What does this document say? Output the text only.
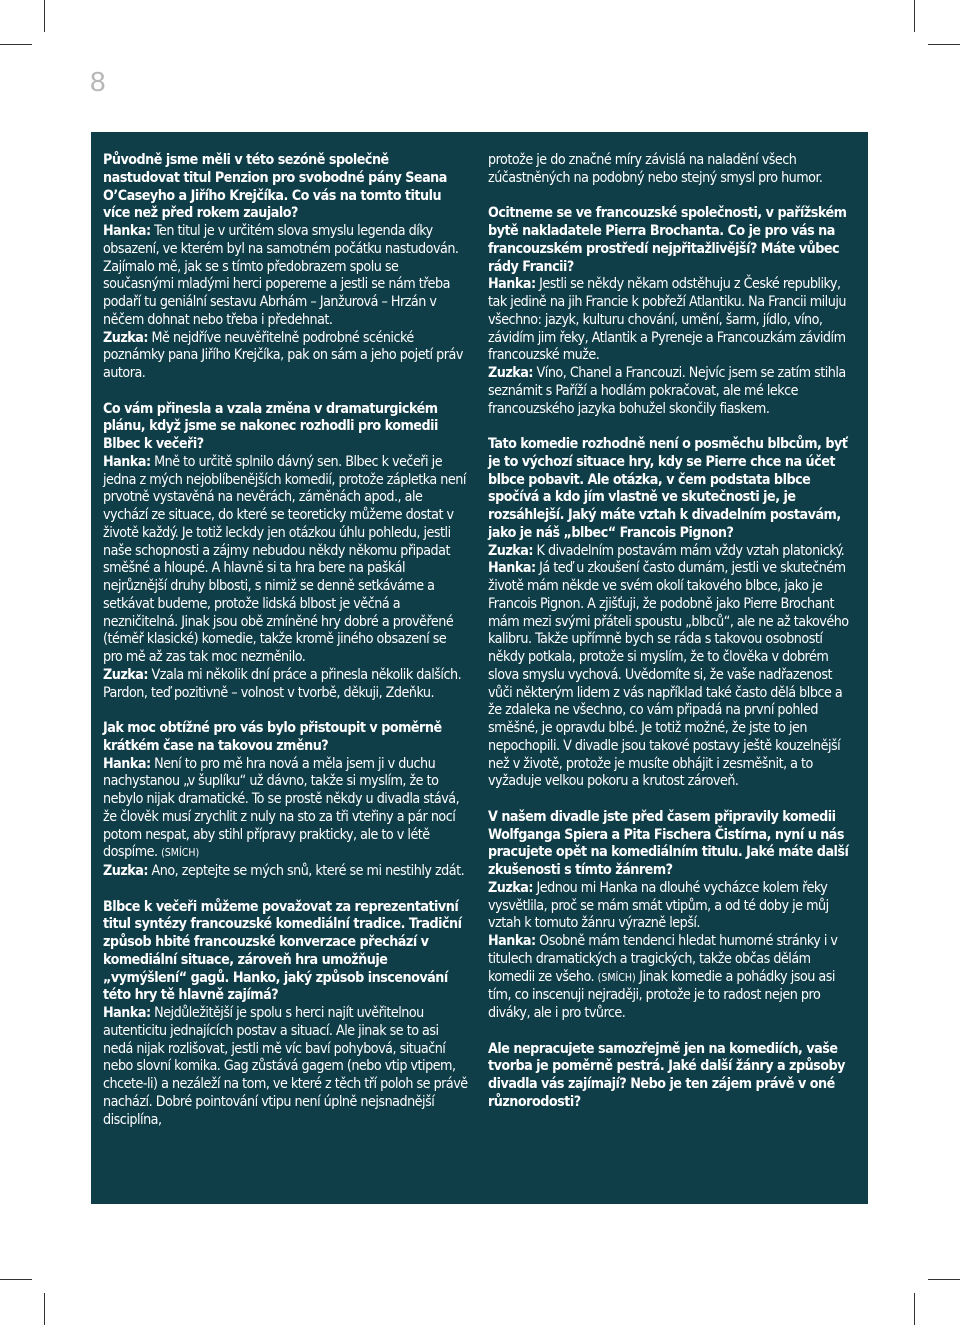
8

Původně jsme měli v této sezóně společně nastudovat titul Penzion pro svobodné pány Seana O’Caseyho a Jiřího Krejčíka. Co vás na tomto titulu více než před rokem zaujalo?
Hanka: Ten titul je v určitém slova smyslu legenda díky obsazení, ve kterém byl na samotném počátku nastudován. Zajímalo mě, jak se s tímto předobrazem spolu se současnými mladými herci popereme a jestli se nám třeba podaří tu geniální sestavu Abrhám – Janžurová – Hrzán v něčem dohnat nebo třeba i předehnat.
Zuzka: Mě nejdříve neuvěřitelně podrobné scénické poznámky pana Jiřího Krejčíka, pak on sám a jeho pojetí práv autora.

Co vám přinesla a vzala změna v dramaturgickém plánu, když jsme se nakonec rozhodli pro komedii Blbec k večeři?
Hanka: Mně to určitě splnilo dávný sen. Blbec k večeři je jedna z mých nejoblíbenějších komedií, protože zápletka není prvotně vystavěná na nevěrách, záměnách apod., ale vychází ze situace, do které se teoreticky můžeme dostat v životě každý. Je totiž leckdy jen otázkou úhlu pohledu, jestli naše schopnosti a zájmy nebudou někdy někomu připadat směšné a hloupé. A hlavně si ta hra bere na paškál nejrůznější druhy blbosti, s nimiž se denně setkáváme a setkávat budeme, protože lidská blbost je věčná a nezničitelná. Jinak jsou obě zmíněné hry dobré a prověřené (téměř klasické) komedie, takže kromě jiného obsazení se pro mě až zas tak moc nezměnilo.
Zuzka: Vzala mi několik dní práce a přinesla několik dalších. Pardon, teď pozitivně – volnost v tvorbě, děkuji, Zdeňku.

Jak moc obtížné pro vás bylo přistoupit v poměrně krátkém čase na takovou změnu?
Hanka: Není to pro mě hra nová a měla jsem ji v duchu nachystanou „v šuplíku“ už dávno, takže si myslím, že to nebylo nijak dramatické. To se prostě někdy u divadla stává, že člověk musí zrychlit z nuly na sto za tři vteřiny a pár nocí potom nespat, aby stihl přípravy prakticky, ale to v létě dospíme. (SMÍCH)
Zuzka: Ano, zeptejte se mých snů, které se mi nestihly zdát.

Blbce k večeři můžeme považovat za reprezentativní titul syntézy francouzské komediální tradice. Tradiční způsob hbité francouzské konverzace přechází v komediální situace, zároveň hra umožňuje „vymýšlení“ gagů. Hanko, jaký způsob inscenování této hry tě hlavně zajímá?
Hanka: Nejdůležitější je spolu s herci najít uvěřitelnou autenticitu jednajících postav a situací. Ale jinak se to asi nedá nijak rozlišovat, jestli mě víc baví pohybová, situační nebo slovní komika. Gag zůstává gagem (nebo vtip vtipem, chcete-li) a nezáleží na tom, ve které z těch tří poloh se právě nachází. Dobré pointování vtipu není úplně nejsnadnější disciplína,

protože je do značné míry závislá na naladění všech zúčastněných na podobný nebo stejný smysl pro humor.

Ocitneme se ve francouzské společnosti, v pařížském bytě nakladatele Pierra Brochanta. Co je pro vás na francouzském prostředí nejpřitažlivější? Máte vůbec rády Francii?
Hanka: Jestli se někdy někam odstěhuju z České republiky, tak jedině na jih Francie k pobřeží Atlantiku. Na Francii miluju všechno: jazyk, kulturu chování, umění, šarm, jídlo, víno, závidím jim řeky, Atlantik a Pyreneje a Francouzkám závidím francouzské muže.
Zuzka: Víno, Chanel a Francouzi. Nejvíc jsem se zatím stihla seznámit s Paříží a hodlám pokračovat, ale mé lekce francouzského jazyka bohužel skončily fiaskem.

Tato komedie rozhodně není o posměchu blbcům, byť je to výchozí situace hry, kdy se Pierre chce na účet blbce pobavit. Ale otázka, v čem podstata blbce spočívá a kdo jím vlastně ve skutečnosti je, je rozsáhlejší. Jaký máte vztah k divadelním postavám, jako je náš „blbec“ Francois Pignon?
Zuzka: K divadelním postavám mám vždy vztah platonický.
Hanka: Já teď u zkoušení často dumám, jestli ve skutečném životě mám někde ve svém okolí takového blbce, jako je Francois Pignon. A zjišťuji, že podobně jako Pierre Brochant mám mezi svými přáteli spoustu „blbců“, ale ne až takového kalibru. Takže upřímně bych se ráda s takovou osobností někdy potkala, protože si myslím, že to člověka v dobrém slova smyslu vychová. Uvědomíte si, že vaše nadřazenost vůči některým lidem z vás například také často dělá blbce a že zdaleka ne všechno, co vám připadá na první pohled směšné, je opravdu blbé. Je totiž možné, že jste to jen nepochopili. V divadle jsou takové postavy ještě kouzelnější než v životě, protože je musíte obhájit i zesměšnit, a to vyžaduje velkou pokoru a krutost zároveň.

V našem divadle jste před časem připravily komedii Wolfganga Spiera a Pita Fischera Čistírna, nyní u nás pracujete opět na komediálním titulu. Jaké máte další zkušenosti s tímto žánrem?
Zuzka: Jednou mi Hanka na dlouhé vycházce kolem řeky vysvětlila, proč se mám smát vtipům, a od té doby je můj vztah k tomuto žánru výrazně lepší.
Hanka: Osobně mám tendenci hledat humorné stránky i v titulech dramatických a tragických, takže občas dělám komedii ze všeho. (SMÍCH) Jinak komedie a pohádky jsou asi tím, co inscenuji nejraději, protože je to radost nejen pro diváky, ale i pro tvůrce.

Ale nepracujete samozřejmě jen na komediích, vaše tvorba je poměrně pestrá. Jaké další žánry a způsoby divadla vás zajímají? Nebo je ten zájem právě v oné různorodosti?
